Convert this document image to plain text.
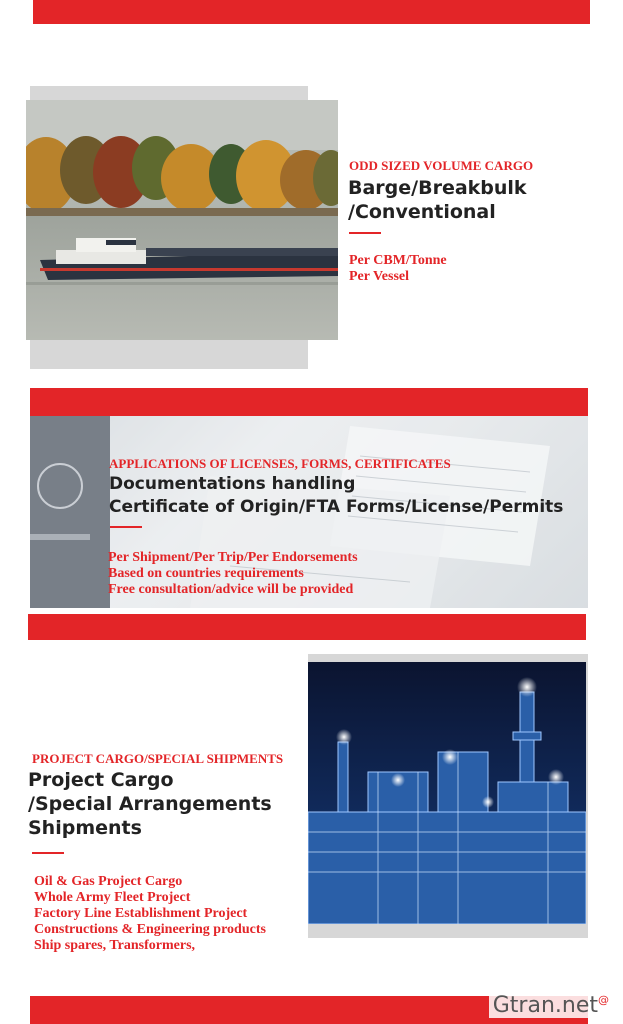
ODD SIZED VOLUME CARGO
Barge/Breakbulk
/Conventional
Per CBM/Tonne
Per Vessel
APPLICATIONS OF LICENSES, FORMS, CERTIFICATES
Documentations handling
Certificate of Origin/FTA Forms/License/Permits
Per Shipment/Per Trip/Per Endorsements
Based on countries requirements
Free consultation/advice will be provided
PROJECT CARGO/SPECIAL SHIPMENTS
Project Cargo
/Special Arrangements
Shipments
Oil & Gas Project Cargo
Whole Army Fleet Project
Factory Line Establishment Project
Constructions & Engineering products
Ship spares, Transformers,
Gtran.net@
